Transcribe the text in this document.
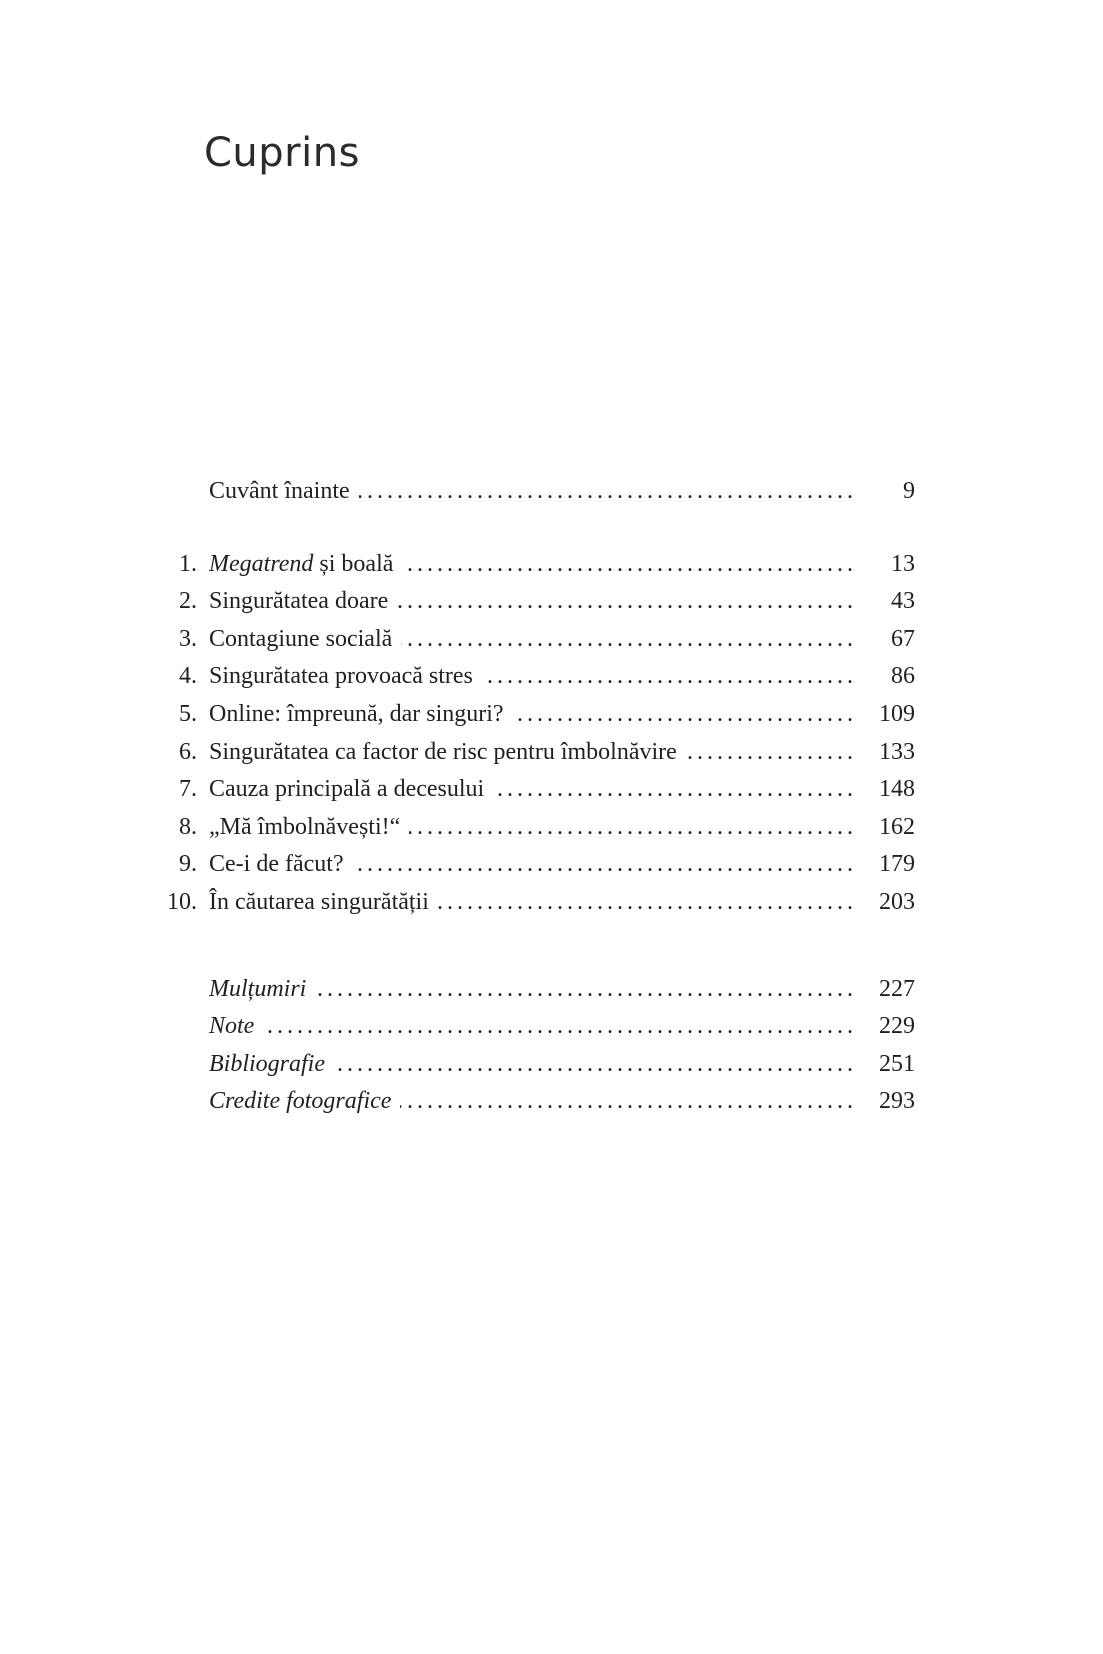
Cuprins
Cuvânt înainte .....	9
1. Megatrend și boală .....	13
2. Singurătatea doare .....	43
3. Contagiune socială .....	67
4. Singurătatea provoacă stres .....	86
5. Online: împreună, dar singuri? .....	109
6. Singurătatea ca factor de risc pentru îmbolnăvire .....	133
7. Cauza principală a decesului .....	148
8. „Mă îmbolnăvești!“ .....	162
9. Ce-i de făcut? .....	179
10. În căutarea singurătății .....	203
Mulțumiri .....	227
Note .....	229
Bibliografie .....	251
Credite fotografice .....	293
